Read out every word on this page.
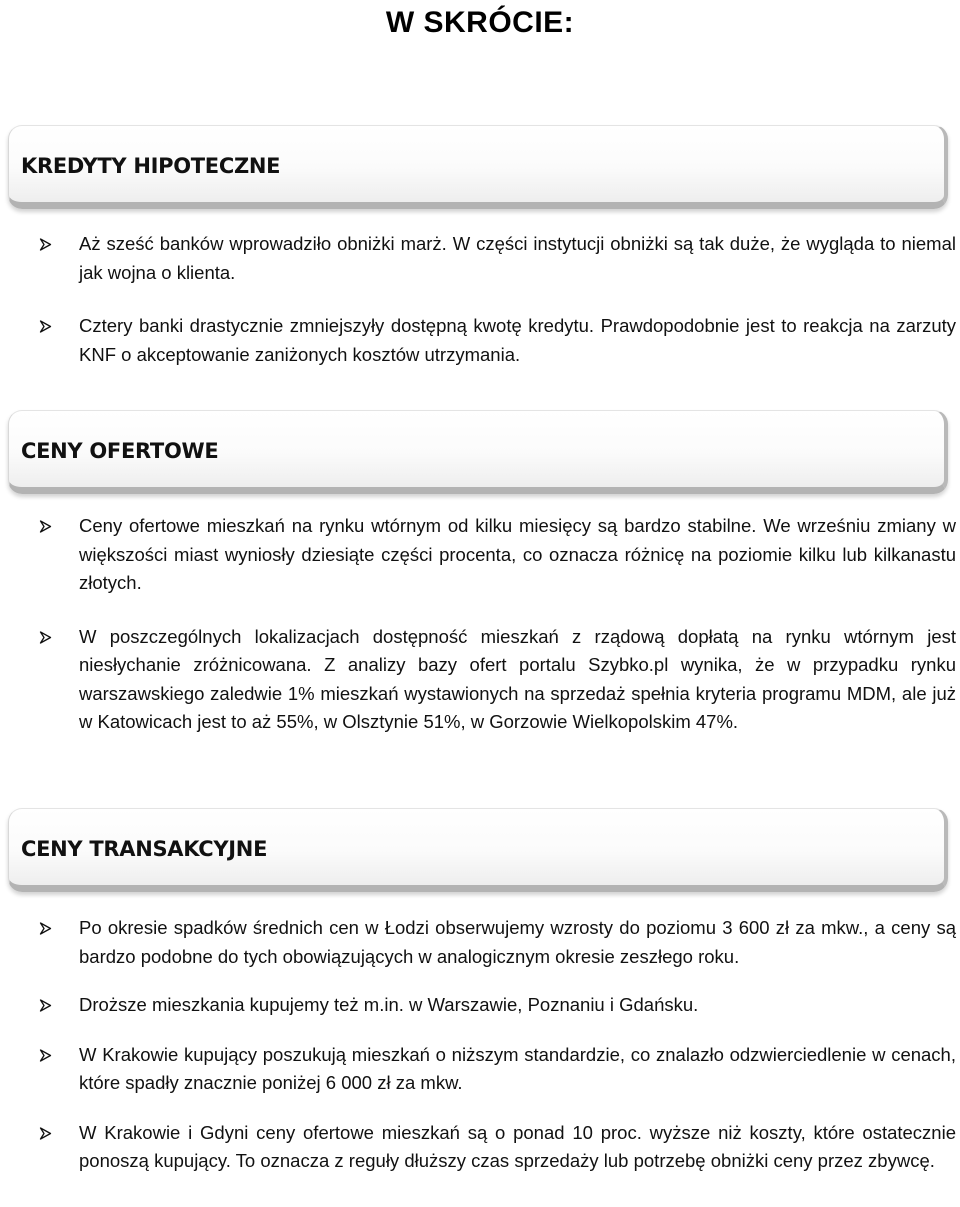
W SKRÓCIE:
KREDYTY HIPOTECZNE
Aż sześć banków wprowadziło obniżki marż. W części instytucji obniżki są tak duże, że wygląda to niemal jak wojna o klienta.
Cztery banki drastycznie zmniejszyły dostępną kwotę kredytu. Prawdopodobnie jest to reakcja na zarzuty KNF o akceptowanie zaniżonych kosztów utrzymania.
CENY OFERTOWE
Ceny ofertowe mieszkań na rynku wtórnym od kilku miesięcy są bardzo stabilne. We wrześniu zmiany w większości miast wyniosły dziesiąte części procenta, co oznacza różnicę na poziomie kilku lub kilkanastu złotych.
W poszczególnych lokalizacjach dostępność mieszkań z rządową dopłatą na rynku wtórnym jest niesłychanie zróżnicowana. Z analizy bazy ofert portalu Szybko.pl wynika, że w przypadku rynku warszawskiego zaledwie 1% mieszkań wystawionych na sprzedaż spełnia kryteria programu MDM, ale już w Katowicach jest to aż 55%, w Olsztynie 51%, w Gorzowie Wielkopolskim 47%.
CENY TRANSAKCYJNE
Po okresie spadków średnich cen w Łodzi obserwujemy wzrosty do poziomu 3 600 zł za mkw., a ceny są bardzo podobne do tych obowiązujących w analogicznym okresie zeszłego roku.
Droższe mieszkania kupujemy też m.in. w Warszawie, Poznaniu i Gdańsku.
W Krakowie kupujący poszukują mieszkań o niższym standardzie, co znalazło odzwierciedlenie w cenach, które spadły znacznie poniżej 6 000 zł za mkw.
W Krakowie i Gdyni ceny ofertowe mieszkań są o ponad 10 proc. wyższe niż koszty, które ostatecznie ponoszą kupujący. To oznacza z reguły dłuższy czas sprzedaży lub potrzebę obniżki ceny przez zbywcę.
